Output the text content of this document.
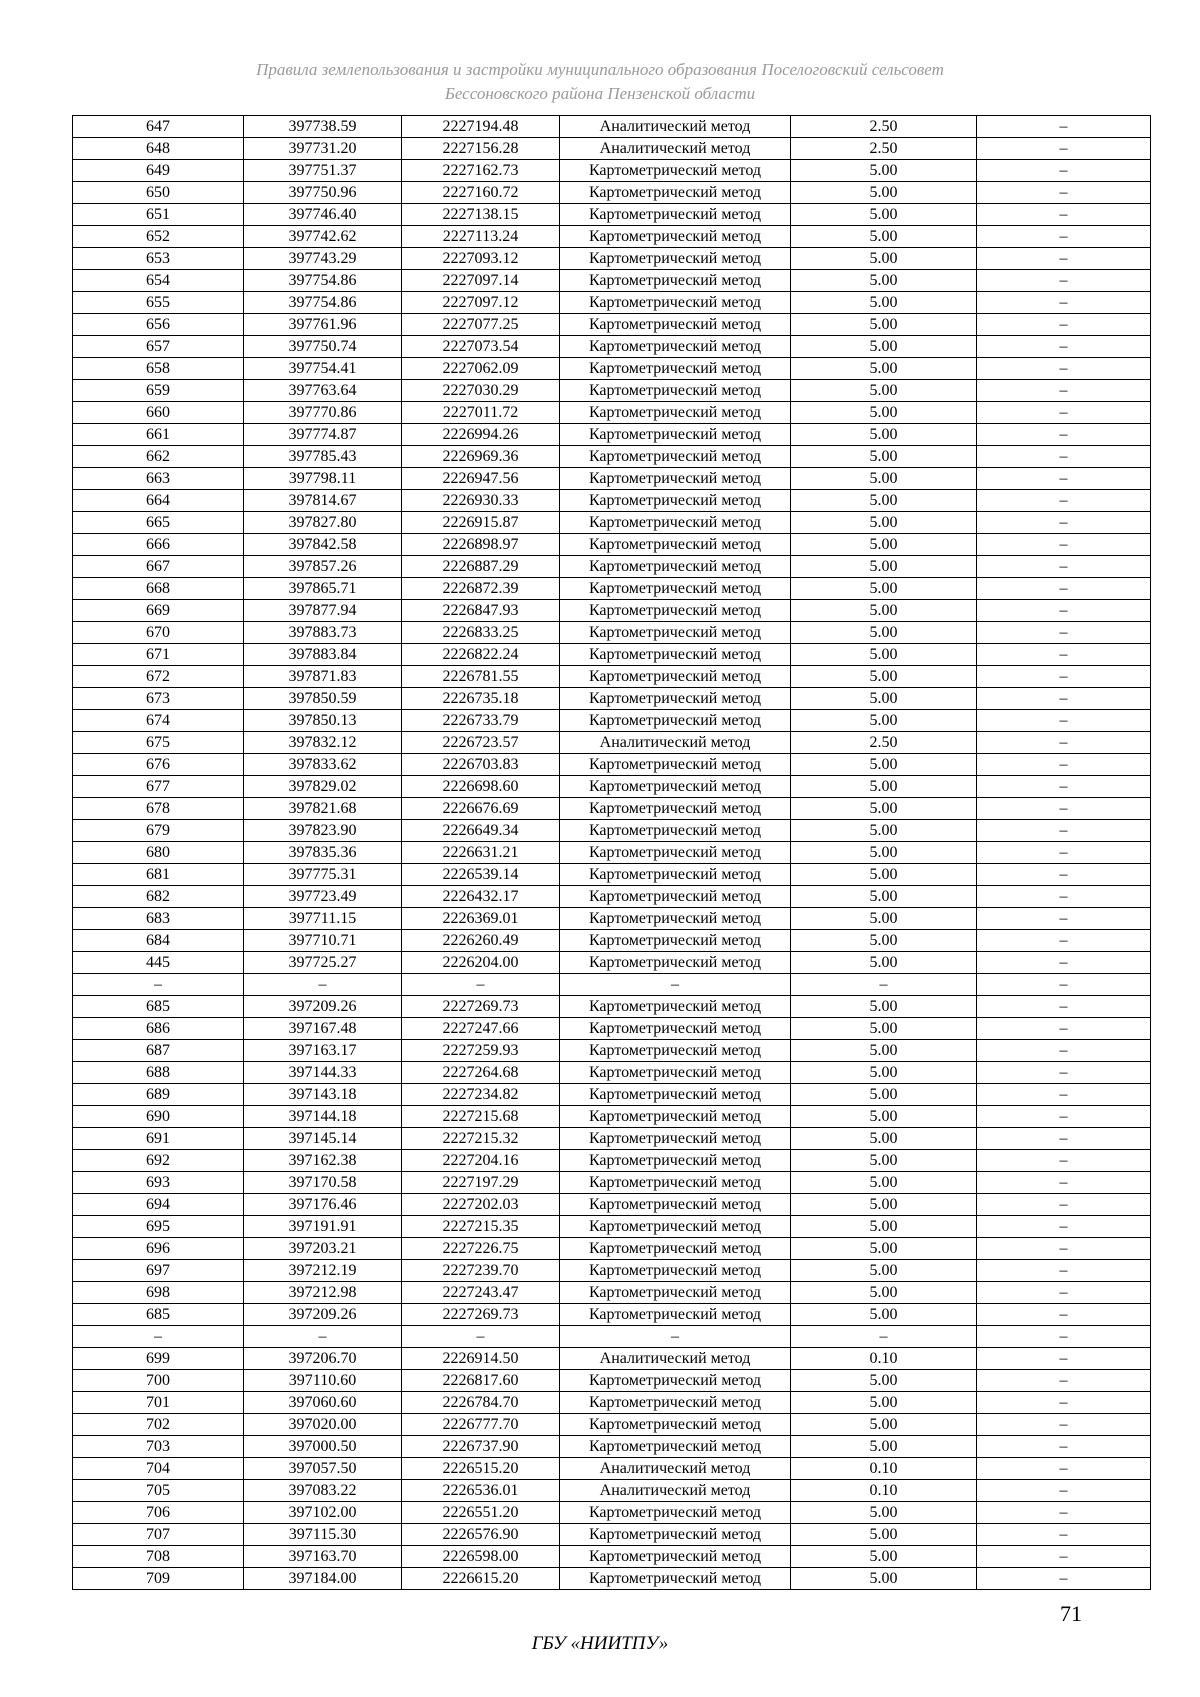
Правила землепользования и застройки муниципального образования Поселоговский сельсовет
Бессоновского района Пензенской области
647	397738.59	2227194.48	Аналитический метод	2.50	–
648	397731.20	2227156.28	Аналитический метод	2.50	–
649	397751.37	2227162.73	Картометрический метод	5.00	–
650	397750.96	2227160.72	Картометрический метод	5.00	–
651	397746.40	2227138.15	Картометрический метод	5.00	–
652	397742.62	2227113.24	Картометрический метод	5.00	–
653	397743.29	2227093.12	Картометрический метод	5.00	–
654	397754.86	2227097.14	Картометрический метод	5.00	–
655	397754.86	2227097.12	Картометрический метод	5.00	–
656	397761.96	2227077.25	Картометрический метод	5.00	–
657	397750.74	2227073.54	Картометрический метод	5.00	–
658	397754.41	2227062.09	Картометрический метод	5.00	–
659	397763.64	2227030.29	Картометрический метод	5.00	–
660	397770.86	2227011.72	Картометрический метод	5.00	–
661	397774.87	2226994.26	Картометрический метод	5.00	–
662	397785.43	2226969.36	Картометрический метод	5.00	–
663	397798.11	2226947.56	Картометрический метод	5.00	–
664	397814.67	2226930.33	Картометрический метод	5.00	–
665	397827.80	2226915.87	Картометрический метод	5.00	–
666	397842.58	2226898.97	Картометрический метод	5.00	–
667	397857.26	2226887.29	Картометрический метод	5.00	–
668	397865.71	2226872.39	Картометрический метод	5.00	–
669	397877.94	2226847.93	Картометрический метод	5.00	–
670	397883.73	2226833.25	Картометрический метод	5.00	–
671	397883.84	2226822.24	Картометрический метод	5.00	–
672	397871.83	2226781.55	Картометрический метод	5.00	–
673	397850.59	2226735.18	Картометрический метод	5.00	–
674	397850.13	2226733.79	Картометрический метод	5.00	–
675	397832.12	2226723.57	Аналитический метод	2.50	–
676	397833.62	2226703.83	Картометрический метод	5.00	–
677	397829.02	2226698.60	Картометрический метод	5.00	–
678	397821.68	2226676.69	Картометрический метод	5.00	–
679	397823.90	2226649.34	Картометрический метод	5.00	–
680	397835.36	2226631.21	Картометрический метод	5.00	–
681	397775.31	2226539.14	Картометрический метод	5.00	–
682	397723.49	2226432.17	Картометрический метод	5.00	–
683	397711.15	2226369.01	Картометрический метод	5.00	–
684	397710.71	2226260.49	Картометрический метод	5.00	–
445	397725.27	2226204.00	Картометрический метод	5.00	–
–	–	–	–	–	–
685	397209.26	2227269.73	Картометрический метод	5.00	–
686	397167.48	2227247.66	Картометрический метод	5.00	–
687	397163.17	2227259.93	Картометрический метод	5.00	–
688	397144.33	2227264.68	Картометрический метод	5.00	–
689	397143.18	2227234.82	Картометрический метод	5.00	–
690	397144.18	2227215.68	Картометрический метод	5.00	–
691	397145.14	2227215.32	Картометрический метод	5.00	–
692	397162.38	2227204.16	Картометрический метод	5.00	–
693	397170.58	2227197.29	Картометрический метод	5.00	–
694	397176.46	2227202.03	Картометрический метод	5.00	–
695	397191.91	2227215.35	Картометрический метод	5.00	–
696	397203.21	2227226.75	Картометрический метод	5.00	–
697	397212.19	2227239.70	Картометрический метод	5.00	–
698	397212.98	2227243.47	Картометрический метод	5.00	–
685	397209.26	2227269.73	Картометрический метод	5.00	–
–	–	–	–	–	–
699	397206.70	2226914.50	Аналитический метод	0.10	–
700	397110.60	2226817.60	Картометрический метод	5.00	–
701	397060.60	2226784.70	Картометрический метод	5.00	–
702	397020.00	2226777.70	Картометрический метод	5.00	–
703	397000.50	2226737.90	Картометрический метод	5.00	–
704	397057.50	2226515.20	Аналитический метод	0.10	–
705	397083.22	2226536.01	Аналитический метод	0.10	–
706	397102.00	2226551.20	Картометрический метод	5.00	–
707	397115.30	2226576.90	Картометрический метод	5.00	–
708	397163.70	2226598.00	Картометрический метод	5.00	–
709	397184.00	2226615.20	Картометрический метод	5.00	–
71
ГБУ «НИИТПУ»
